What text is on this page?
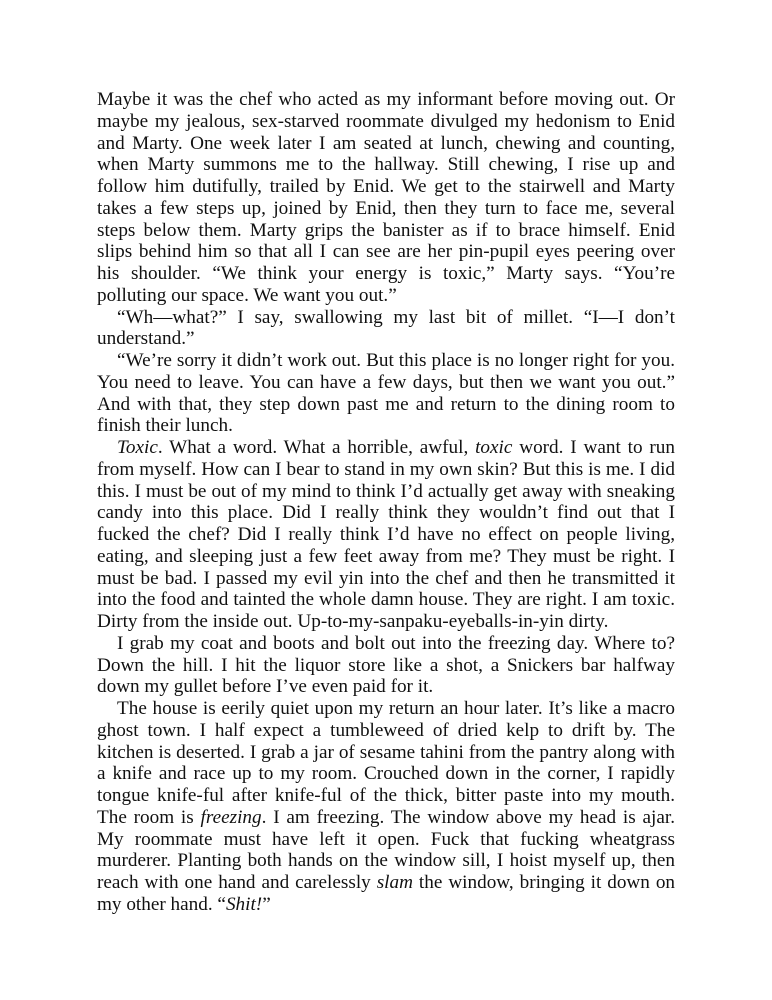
Maybe it was the chef who acted as my informant before moving out. Or maybe my jealous, sex-starved roommate divulged my hedonism to Enid and Marty. One week later I am seated at lunch, chewing and counting, when Marty summons me to the hallway. Still chewing, I rise up and follow him dutifully, trailed by Enid. We get to the stairwell and Marty takes a few steps up, joined by Enid, then they turn to face me, several steps below them. Marty grips the banister as if to brace himself. Enid slips behind him so that all I can see are her pin-pupil eyes peering over his shoulder. “We think your energy is toxic,” Marty says. “You’re polluting our space. We want you out.”

“Wh—what?” I say, swallowing my last bit of millet. “I—I don’t understand.”

“We’re sorry it didn’t work out. But this place is no longer right for you. You need to leave. You can have a few days, but then we want you out.” And with that, they step down past me and return to the dining room to finish their lunch.

Toxic. What a word. What a horrible, awful, toxic word. I want to run from myself. How can I bear to stand in my own skin? But this is me. I did this. I must be out of my mind to think I’d actually get away with sneaking candy into this place. Did I really think they wouldn’t find out that I fucked the chef? Did I really think I’d have no effect on people living, eating, and sleeping just a few feet away from me? They must be right. I must be bad. I passed my evil yin into the chef and then he transmitted it into the food and tainted the whole damn house. They are right. I am toxic. Dirty from the inside out. Up-to-my-sanpaku-eyeballs-in-yin dirty.

I grab my coat and boots and bolt out into the freezing day. Where to? Down the hill. I hit the liquor store like a shot, a Snickers bar halfway down my gullet before I’ve even paid for it.

The house is eerily quiet upon my return an hour later. It’s like a macro ghost town. I half expect a tumbleweed of dried kelp to drift by. The kitchen is deserted. I grab a jar of sesame tahini from the pantry along with a knife and race up to my room. Crouched down in the corner, I rapidly tongue knife-ful after knife-ful of the thick, bitter paste into my mouth. The room is freezing. I am freezing. The window above my head is ajar. My roommate must have left it open. Fuck that fucking wheatgrass murderer. Planting both hands on the window sill, I hoist myself up, then reach with one hand and carelessly slam the window, bringing it down on my other hand. “Shit!”
